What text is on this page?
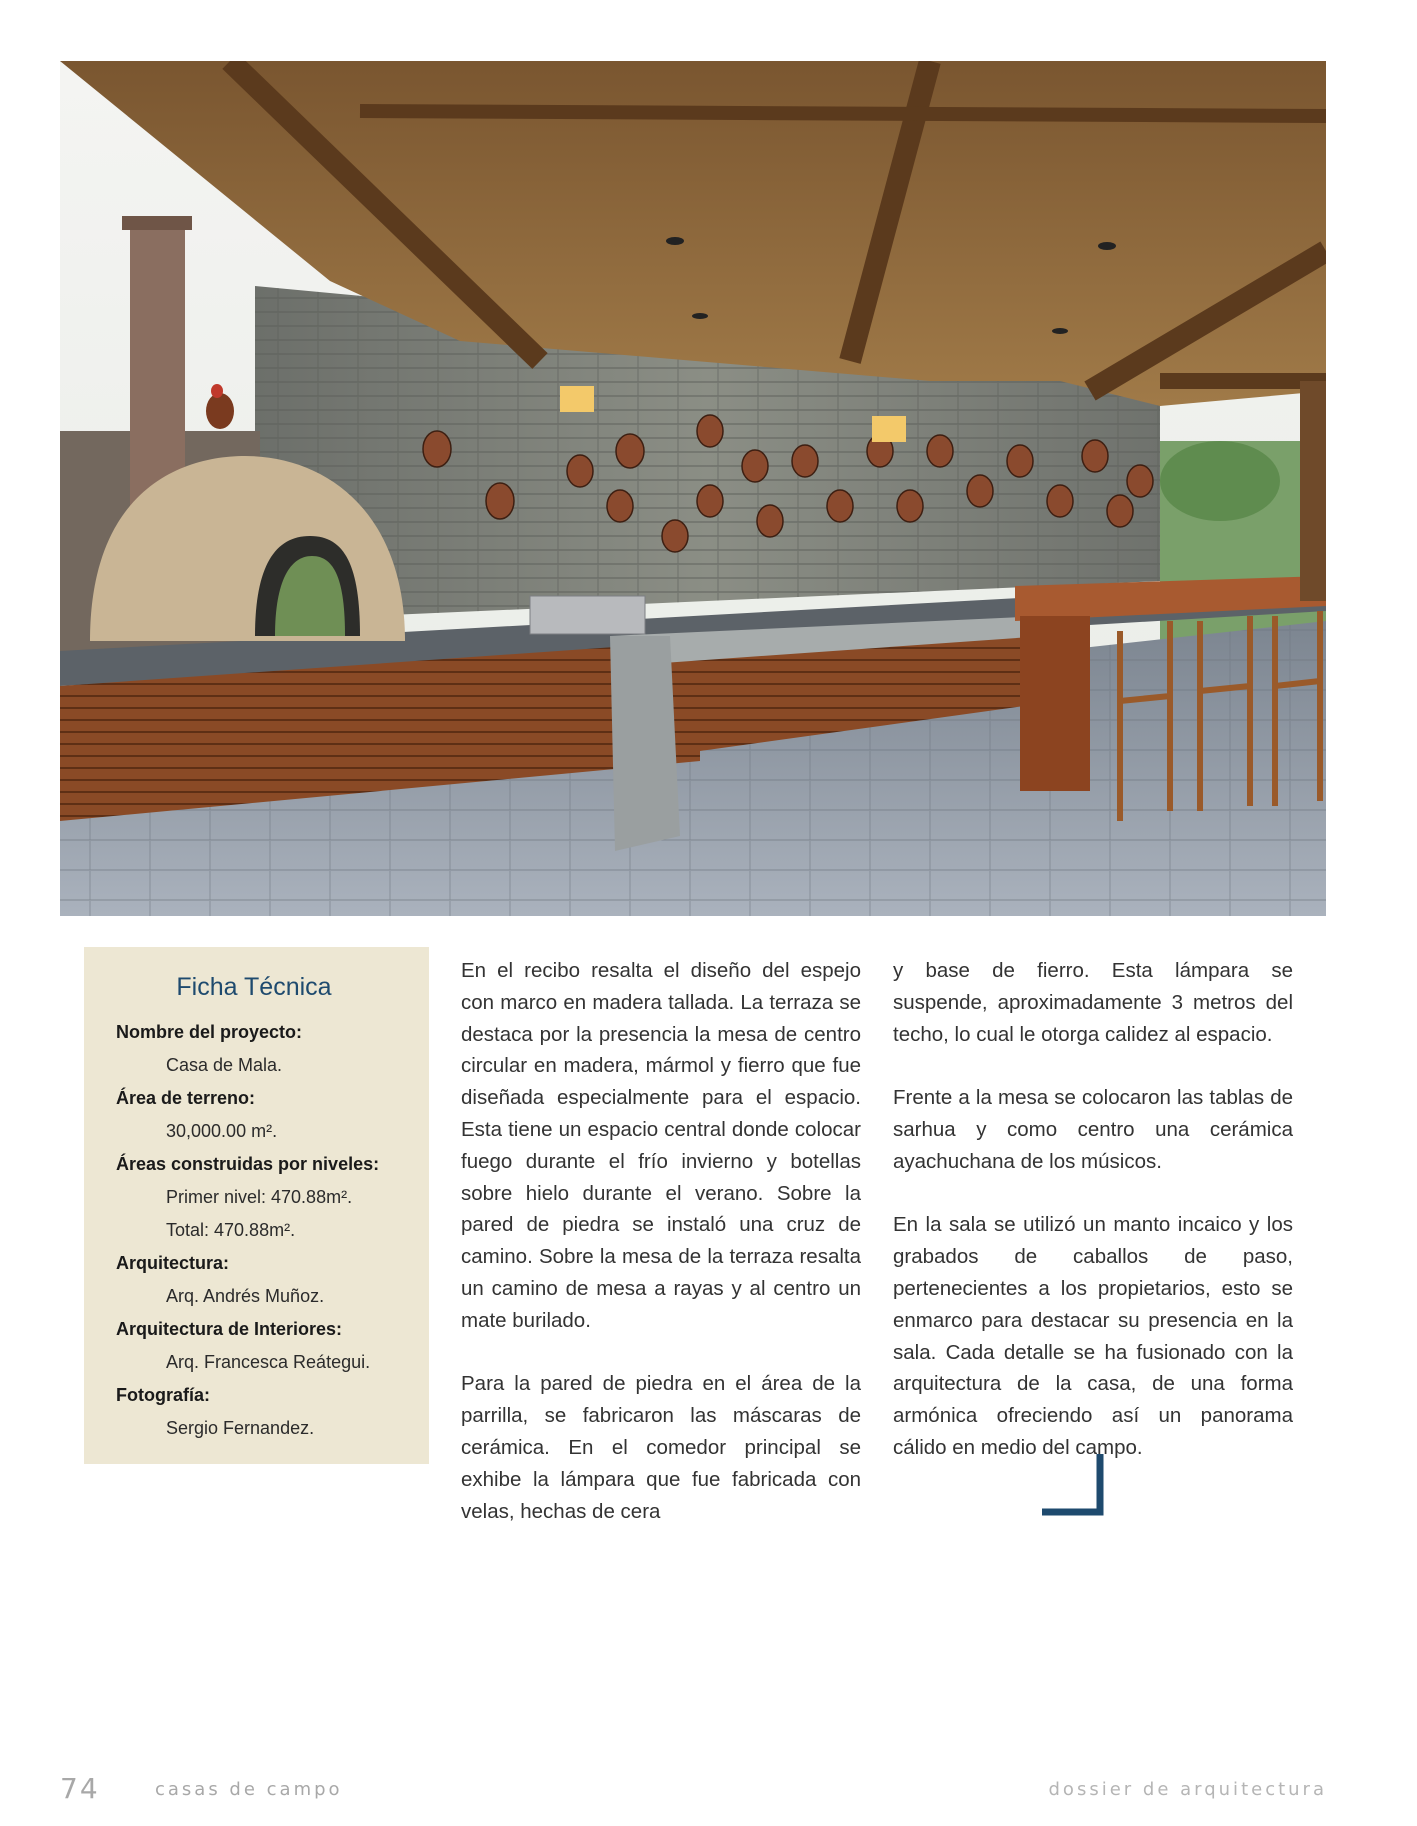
Ficha Técnica
Nombre del proyecto:
Casa de Mala.
Área de terreno:
30,000.00 m².
Áreas construidas por niveles:
Primer nivel: 470.88m².
Total: 470.88m².
Arquitectura:
Arq. Andrés Muñoz.
Arquitectura de Interiores:
Arq. Francesca Reátegui.
Fotografía:
Sergio Fernandez.

En el recibo resalta el diseño del espejo con marco en madera tallada. La terraza se destaca por la presencia la mesa de centro circular en madera, mármol y fierro que fue diseñada especialmente para el espacio. Esta tiene un espacio central donde colocar fuego durante el frío invierno y botellas sobre hielo durante el verano. Sobre la pared de piedra se instaló una cruz de camino. Sobre la mesa de la terraza resalta un camino de mesa a rayas y al centro un mate burilado.

Para la pared de piedra en el área de la parrilla, se fabricaron las máscaras de cerámica. En el comedor principal se exhibe la lámpara que fue fabricada con velas, hechas de cera

y base de fierro. Esta lámpara se suspende, aproximadamente 3 metros del techo, lo cual le otorga calidez al espacio.

Frente a la mesa se colocaron las tablas de sarhua y como centro una cerámica ayachuchana de los músicos.

En la sala se utilizó un manto incaico y los grabados de caballos de paso, pertenecientes a los propietarios, esto se enmarco para destacar su presencia en la sala. Cada detalle se ha fusionado con la arquitectura de la casa, de una forma armónica ofreciendo así un panorama cálido en medio del campo.

74	casas de campo	dossier de arquitectura
